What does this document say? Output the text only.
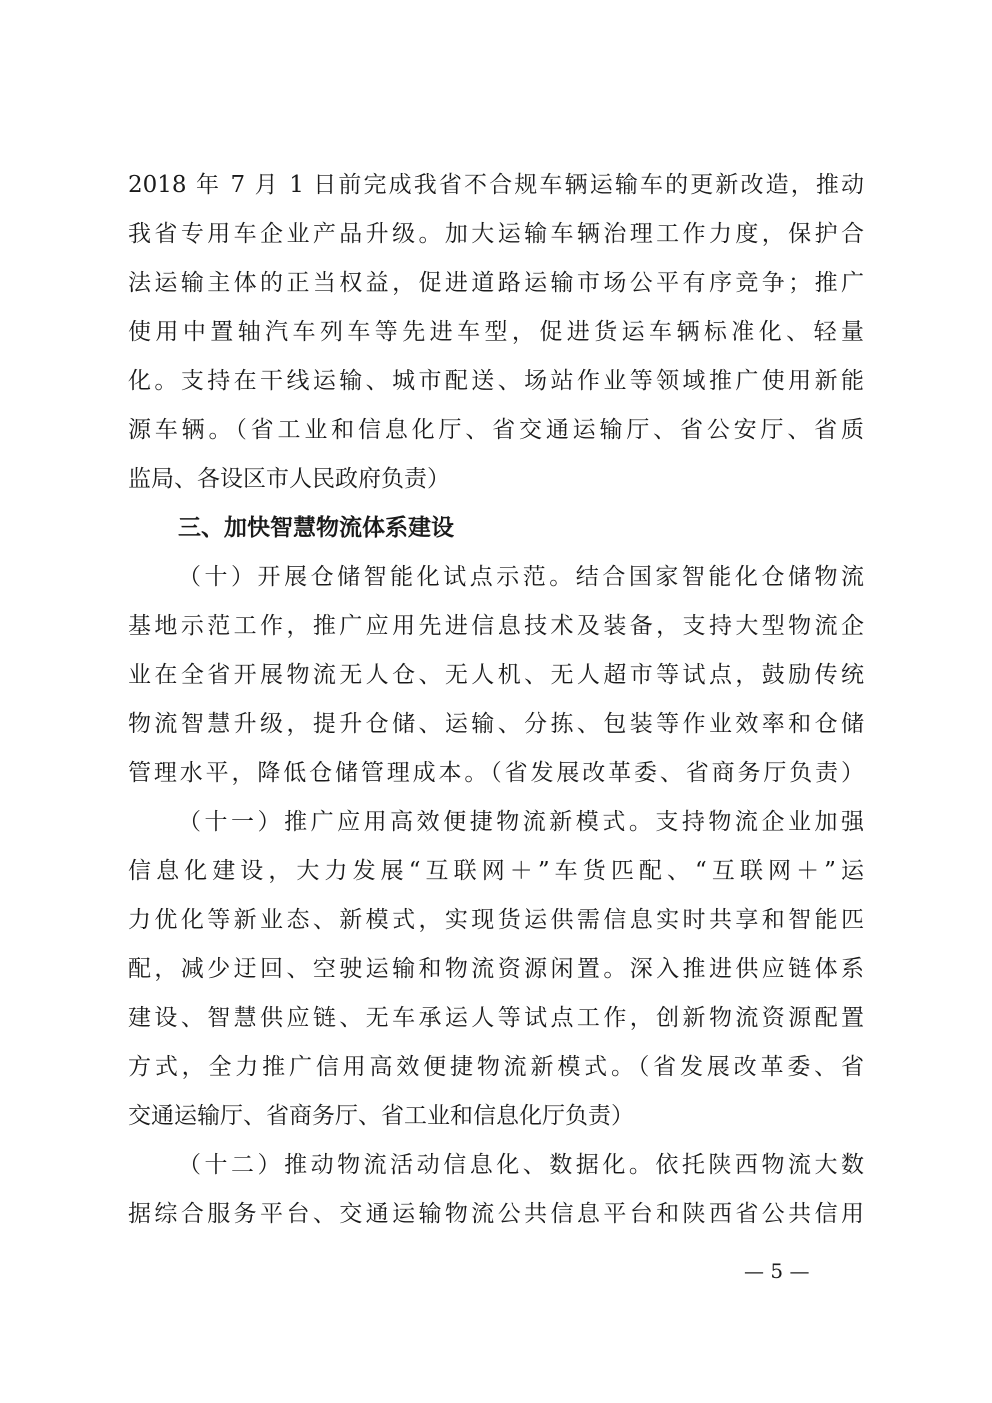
2018 年 7 月 1 日前完成我省不合规车辆运输车的更新改造，推动
我省专用车企业产品升级。加大运输车辆治理工作力度，保护合
法运输主体的正当权益，促进道路运输市场公平有序竞争；推广
使用中置轴汽车列车等先进车型，促进货运车辆标准化、轻量
化。支持在干线运输、城市配送、场站作业等领域推广使用新能
源车辆。（省工业和信息化厅、省交通运输厅、省公安厅、省质
监局、各设区市人民政府负责）
三、加快智慧物流体系建设
（十）开展仓储智能化试点示范。结合国家智能化仓储物流
基地示范工作，推广应用先进信息技术及装备，支持大型物流企
业在全省开展物流无人仓、无人机、无人超市等试点，鼓励传统
物流智慧升级，提升仓储、运输、分拣、包装等作业效率和仓储
管理水平，降低仓储管理成本。（省发展改革委、省商务厅负责）
（十一）推广应用高效便捷物流新模式。支持物流企业加强
信息化建设，大力发展“互联网＋”车货匹配、“互联网＋”运
力优化等新业态、新模式，实现货运供需信息实时共享和智能匹
配，减少迂回、空驶运输和物流资源闲置。深入推进供应链体系
建设、智慧供应链、无车承运人等试点工作，创新物流资源配置
方式，全力推广信用高效便捷物流新模式。（省发展改革委、省
交通运输厅、省商务厅、省工业和信息化厅负责）
（十二）推动物流活动信息化、数据化。依托陕西物流大数
据综合服务平台、交通运输物流公共信息平台和陕西省公共信用
— 5 —
